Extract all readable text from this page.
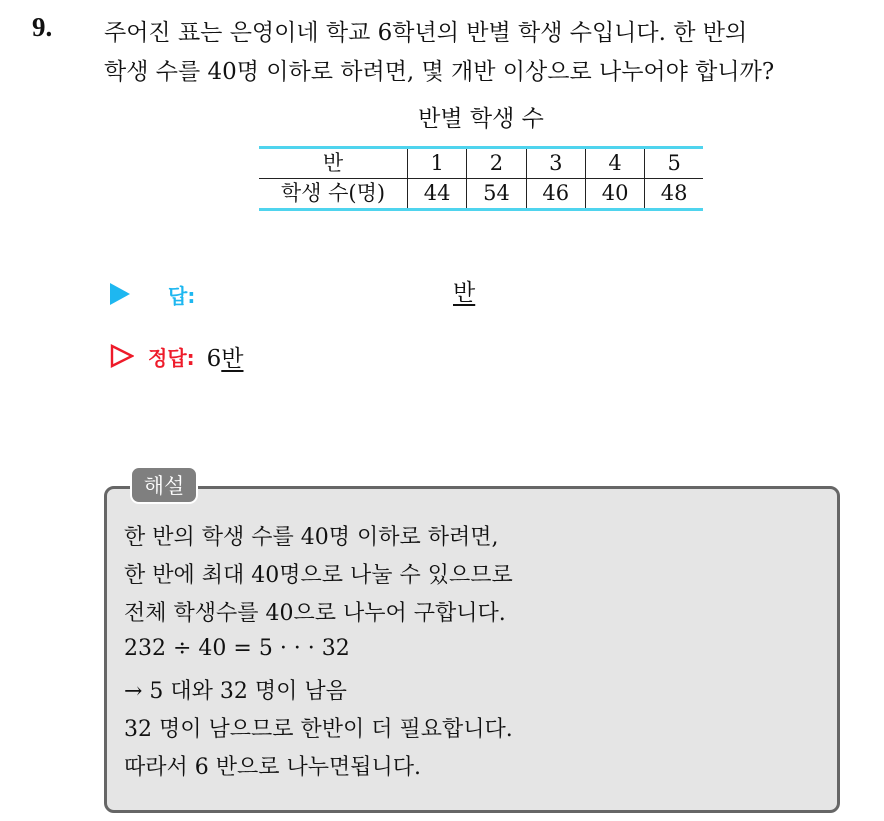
9. 주어진 표는 은영이네 학교 6학년의 반별 학생 수입니다. 한 반의
학생 수를 40명 이하로 하려면, 몇 개반 이상으로 나누어야 합니까?
반별 학생 수
반	1	2	3	4	5
학생 수(명)	44	54	46	40	48
답:	반
정답: 6반
해설
한 반의 학생 수를 40명 이하로 하려면,
한 반에 최대 40명으로 나눌 수 있으므로
전체 학생수를 40으로 나누어 구합니다.
232 ÷ 40 = 5 · · · 32
→ 5 대와 32 명이 남음
32 명이 남으므로 한반이 더 필요합니다.
따라서 6 반으로 나누면됩니다.
